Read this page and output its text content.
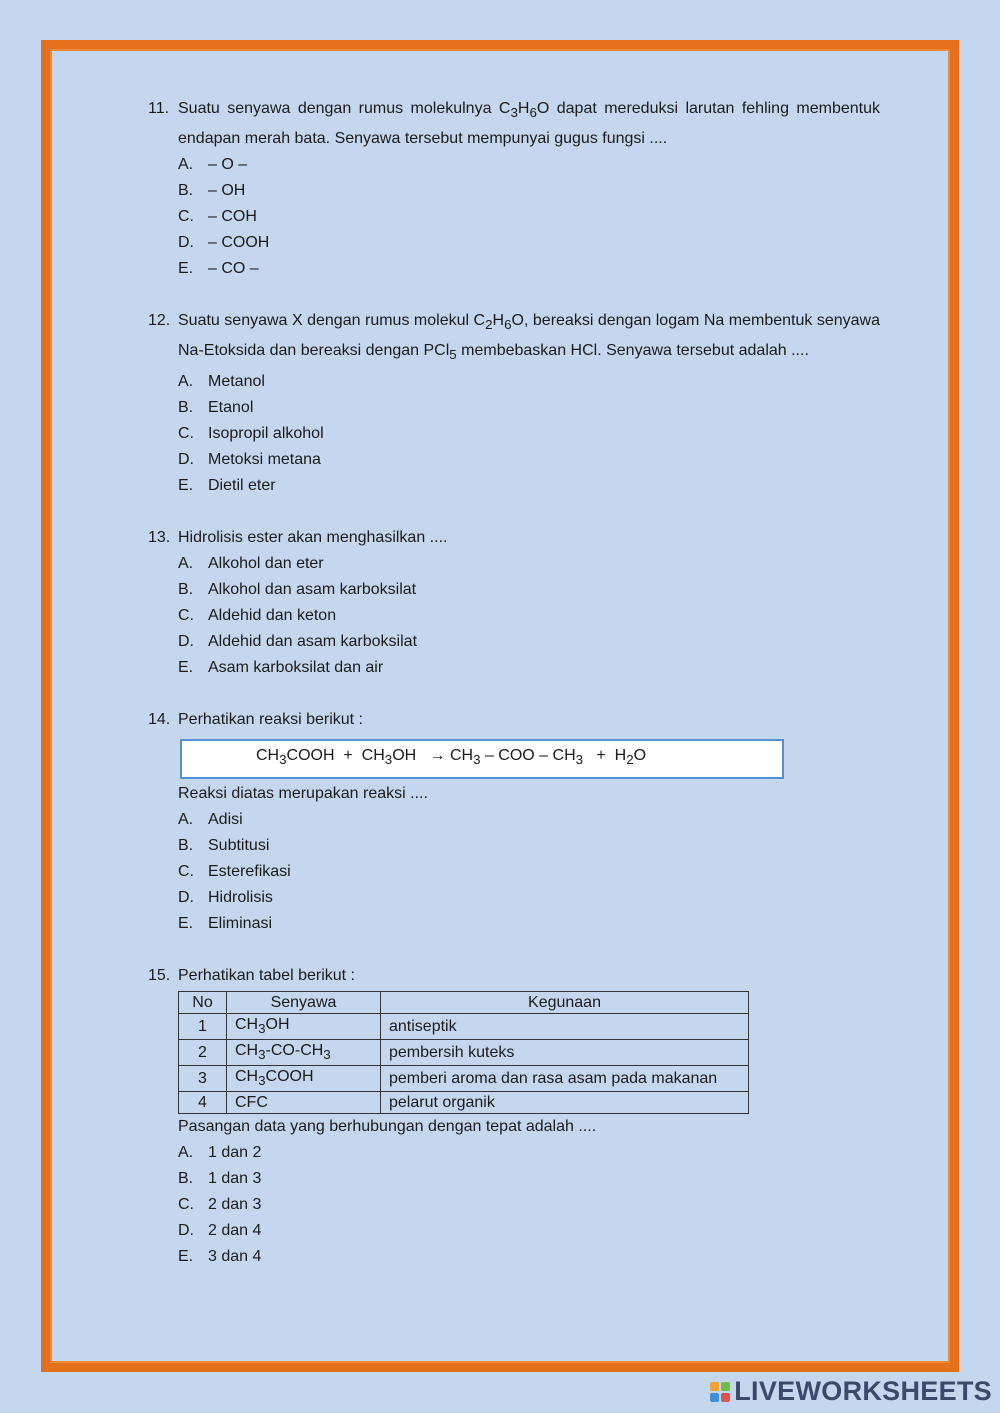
11. Suatu senyawa dengan rumus molekulnya $C_3H_6O$ dapat mereduksi larutan fehling membentuk endapan merah bata. Senyawa tersebut mempunyai gugus fungsi ....
A. – O –
B. – OH
C. – COH
D. – COOH
E. – CO –
12. Suatu senyawa X dengan rumus molekul $C_2H_6O$, bereaksi dengan logam Na membentuk senyawa Na-Etoksida dan bereaksi dengan PCl$_5$ membebaskan HCl. Senyawa tersebut adalah ....
A. Metanol
B. Etanol
C. Isopropil alkohol
D. Metoksi metana
E. Dietil eter
13. Hidrolisis ester akan menghasilkan ....
A. Alkohol dan eter
B. Alkohol dan asam karboksilat
C. Aldehid dan keton
D. Aldehid dan asam karboksilat
E. Asam karboksilat dan air
14. Perhatikan reaksi berikut :
$CH_3COOH + CH_3OH \to CH_3$ – COO – $CH_3 + H_2O$
Reaksi diatas merupakan reaksi ....
A. Adisi
B. Subtitusi
C. Esterefikasi
D. Hidrolisis
E. Eliminasi
15. Perhatikan tabel berikut :
No	Senyawa	Kegunaan
1	$CH_3OH$	antiseptik
2	$CH_3-CO-CH_3$	pembersih kuteks
3	$CH_3COOH$	pemberi aroma dan rasa asam pada makanan
4	CFC	pelarut organik
Pasangan data yang berhubungan dengan tepat adalah ....
A. 1 dan 2
B. 1 dan 3
C. 2 dan 3
D. 2 dan 4
E. 3 dan 4
LIVEWORKSHEETS
